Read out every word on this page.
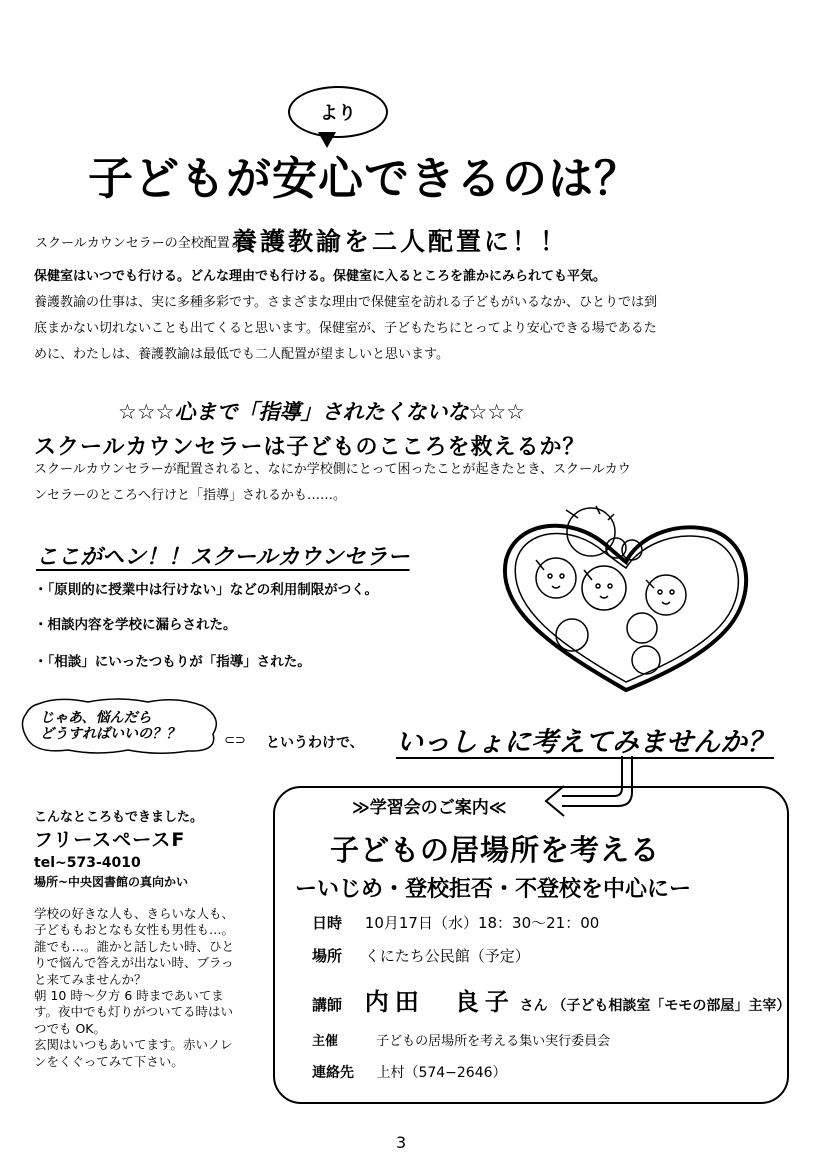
より
子どもが安心できるのは？
スクールカウンセラーの全校配置より
養護教諭を二人配置に！！
保健室はいつでも行ける。どんな理由でも行ける。保健室に入るところを誰かにみられても平気。
養護教諭の仕事は、実に多種多彩です。さまざまな理由で保健室を訪れる子どもがいるなか、ひとりでは到
底まかない切れないことも出てくると思います。保健室が、子どもたちにとってより安心できる場であるた
めに、わたしは、養護教諭は最低でも二人配置が望ましいと思います。
☆☆☆心まで「指導」されたくないな☆☆☆
スクールカウンセラーは子どものこころを救えるか？
スクールカウンセラーが配置されると、なにか学校側にとって困ったことが起きたとき、スクールカウ
ンセラーのところへ行けと「指導」されるかも……。
ここがヘン！！スクールカウンセラー
・「原則的に授業中は行けない」などの利用制限がつく。
・相談内容を学校に漏らされた。
・「相談」にいったつもりが「指導」された。
じゃあ、悩んだら
どうすればいいの？？	⊂⊃ というわけで、 いっしょに考えてみませんか？
こんなところもできました。
フリースペースF
tel~573-4010
場所~中央図書館の真向かい
学校の好きな人も、きらいな人も、子どももおとなも女性も男性も…。誰でも…。誰かと話したい時、ひとりで悩んで答えが出ない時、ブラっと来てみませんか？
朝 10 時～夕方 6 時まであいてます。夜中でも灯りがついてる時はいつでも OK。
玄関はいつもあいてます。赤いノレンをくぐってみて下さい。
≫学習会のご案内≪
子どもの居場所を考える
ーいじめ・登校拒否・不登校を中心にー
日時 10月17日（水）18：30～21：00
場所 くにたち公民館（予定）
講師 内田　良子 さん （子ども相談室「モモの部屋」主宰）
主催	子どもの居場所を考える集い実行委員会
連絡先 上村（574−2646）
3
